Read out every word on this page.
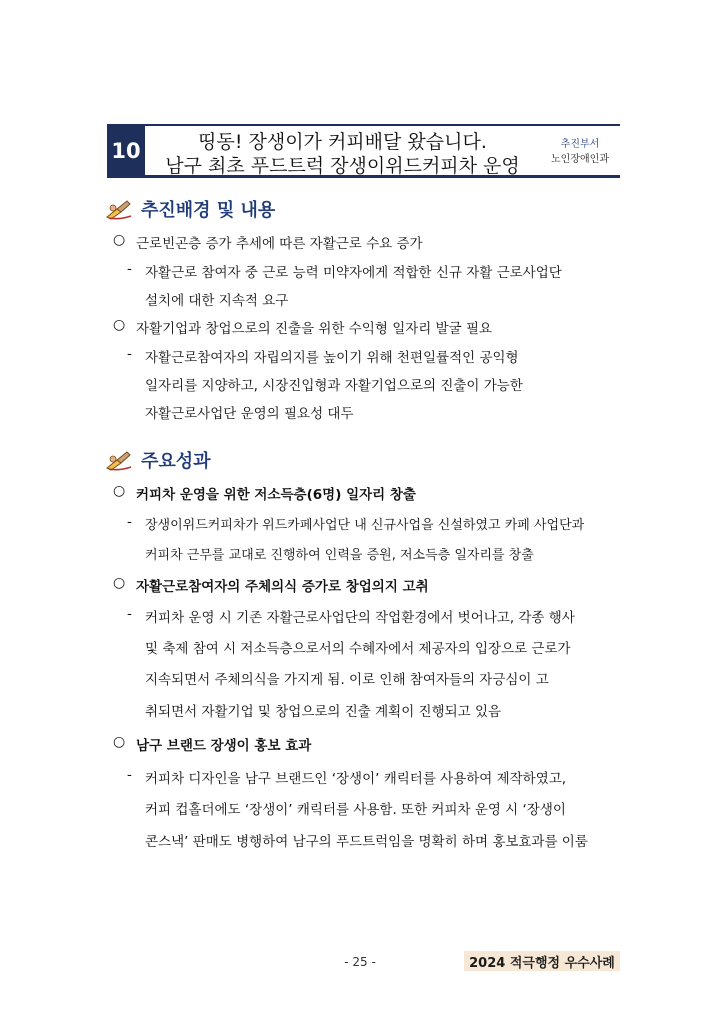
10	띵동! 장생이가 커피배달 왔습니다.
남구 최초 푸드트럭 장생이위드커피차 운영
추진부서
노인장애인과
추진배경 및 내용
○ 근로빈곤층 증가 추세에 따른 자활근로 수요 증가
- 자활근로 참여자 중 근로 능력 미약자에게 적합한 신규 자활 근로사업단
설치에 대한 지속적 요구
○ 자활기업과 창업으로의 진출을 위한 수익형 일자리 발굴 필요
- 자활근로참여자의 자립의지를 높이기 위해 천편일률적인 공익형
일자리를 지양하고, 시장진입형과 자활기업으로의 진출이 가능한
자활근로사업단 운영의 필요성 대두
주요성과
○ 커피차 운영을 위한 저소득층(6명) 일자리 창출
- 장생이위드커피차가 위드카페사업단 내 신규사업을 신설하였고 카페 사업단과
커피차 근무를 교대로 진행하여 인력을 증원, 저소득층 일자리를 창출
○ 자활근로참여자의 주체의식 증가로 창업의지 고취
- 커피차 운영 시 기존 자활근로사업단의 작업환경에서 벗어나고, 각종 행사
및 축제 참여 시 저소득층으로서의 수혜자에서 제공자의 입장으로 근로가
지속되면서 주체의식을 가지게 됨. 이로 인해 참여자들의 자긍심이 고
취되면서 자활기업 및 창업으로의 진출 계획이 진행되고 있음
○ 남구 브랜드 장생이 홍보 효과
- 커피차 디자인을 남구 브랜드인 ‘장생이’ 캐릭터를 사용하여 제작하였고,
커피 컵홀더에도 ‘장생이’ 캐릭터를 사용함. 또한 커피차 운영 시 ‘장생이
콘스낵’ 판매도 병행하여 남구의 푸드트럭임을 명확히 하며 홍보효과를 이룸
- 25 -	2024 적극행정 우수사례
